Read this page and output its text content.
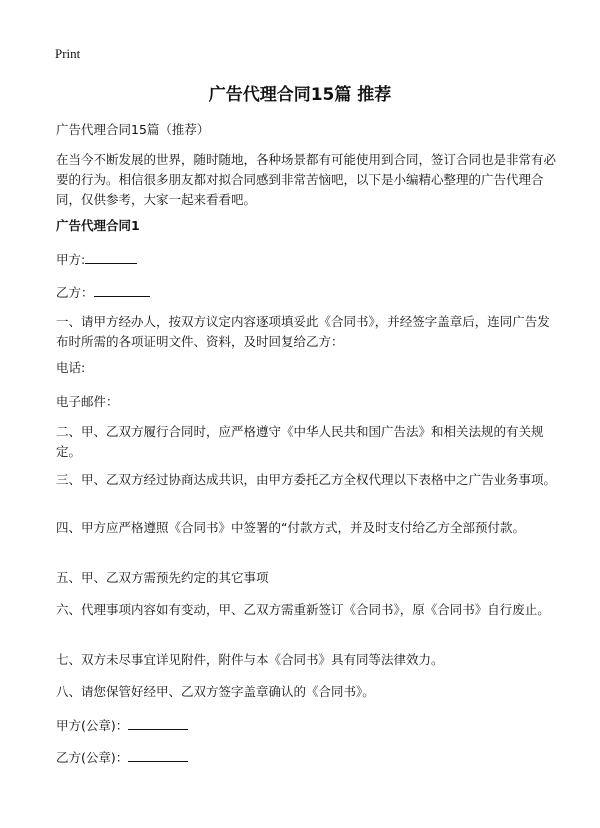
Print
广告代理合同15篇 推荐

广告代理合同15篇（推荐）

在当今不断发展的世界，随时随地，各种场景都有可能使用到合同，签订合同也是非常有必要的行为。相信很多朋友都对拟合同感到非常苦恼吧，以下是小编精心整理的广告代理合同，仅供参考，大家一起来看看吧。

广告代理合同1

甲方:
乙方：

一、请甲方经办人，按双方议定内容逐项填妥此《合同书》，并经签字盖章后，连同广告发布时所需的各项证明文件、资料，及时回复给乙方：

电话:

电子邮件：

二、甲、乙双方履行合同时，应严格遵守《中华人民共和国广告法》和相关法规的有关规定。

三、甲、乙双方经过协商达成共识，由甲方委托乙方全权代理以下表格中之广告业务事项。

四、甲方应严格遵照《合同书》中签署的“付款方式，并及时支付给乙方全部预付款。

五、甲、乙双方需预先约定的其它事项

六、代理事项内容如有变动，甲、乙双方需重新签订《合同书》，原《合同书》自行废止。

七、双方未尽事宜详见附件，附件与本《合同书》具有同等法律效力。

八、请您保管好经甲、乙双方签字盖章确认的《合同书》。

甲方(公章)：
乙方(公章)：
